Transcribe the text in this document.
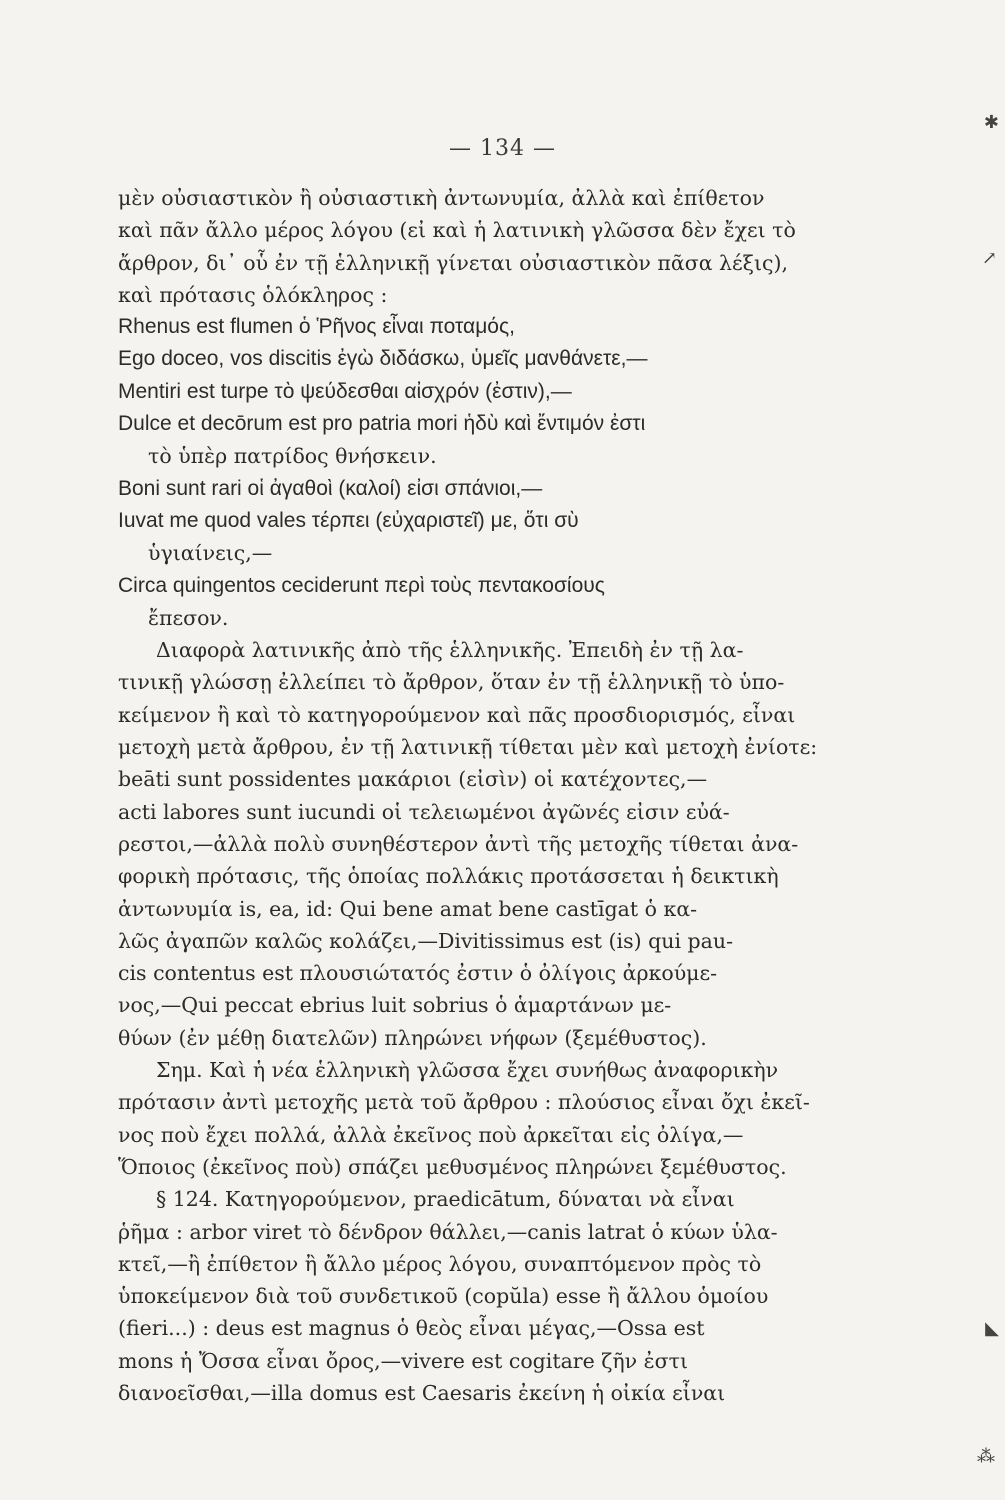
— 134 —
μὲν οὐσιαστικὸν ἢ οὐσιαστικὴ ἀντωνυμία, ἀλλὰ καὶ ἐπίθετον
καὶ πᾶν ἄλλο μέρος λόγου (εἰ καὶ ἡ λατινικὴ γλῶσσα δὲν ἔχει τὸ
ἄρθρον, δι᾽ οὗ ἐν τῇ ἑλληνικῇ γίνεται οὐσιαστικὸν πᾶσα λέξις),
καὶ πρότασις ὁλόκληρος :
Rhenus est flumen ὁ Ῥῆνος εἶναι ποταμός,
Ego doceo, vos discitis ἐγὼ διδάσκω, ὑμεῖς μανθάνετε,—
Mentiri est turpe τὸ ψεύδεσθαι αἰσχρόν (ἐστιν),—
Dulce et decōrum est pro patria mori ἡδὺ καὶ ἔντιμόν ἐστι
τὸ ὑπὲρ πατρίδος θνήσκειν.
Boni sunt rari οἱ ἀγαθοὶ (καλοί) εἰσι σπάνιοι,—
Iuvat me quod vales τέρπει (εὐχαριστεῖ) με, ὅτι σὺ
ὑγιαίνεις,—
Circa quingentos ceciderunt περὶ τοὺς πεντακοσίους
ἔπεσον.
Διαφορὰ λατινικῆς ἀπὸ τῆς ἑλληνικῆς. Ἐπειδὴ ἐν τῇ λα-
τινικῇ γλώσσῃ ἐλλείπει τὸ ἄρθρον, ὅταν ἐν τῇ ἑλληνικῇ τὸ ὑπο-
κείμενον ἢ καὶ τὸ κατηγορούμενον καὶ πᾶς προσδιορισμός, εἶναι
μετοχὴ μετὰ ἄρθρου, ἐν τῇ λατινικῇ τίθεται μὲν καὶ μετοχὴ ἐνίοτε:
beāti sunt possidentes μακάριοι (εἰσὶν) οἱ κατέχοντες,—
acti labores sunt iucundi οἱ τελειωμένοι ἀγῶνές εἰσιν εὐά-
ρεστοι,—ἀλλὰ πολὺ συνηθέστερον ἀντὶ τῆς μετοχῆς τίθεται ἀνα-
φορικὴ πρότασις, τῆς ὁποίας πολλάκις προτάσσεται ἡ δεικτικὴ
ἀντωνυμία is, ea, id: Qui bene amat bene castīgat ὁ κα-
λῶς ἀγαπῶν καλῶς κολάζει,—Divitissimus est (is) qui pau-
cis contentus est πλουσιώτατός ἐστιν ὁ ὀλίγοις ἀρκούμε-
νος,—Qui peccat ebrius luit sobrius ὁ ἁμαρτάνων με-
θύων (ἐν μέθῃ διατελῶν) πληρώνει νήφων (ξεμέθυστος).
Σημ. Καὶ ἡ νέα ἑλληνικὴ γλῶσσα ἔχει συνήθως ἀναφορικὴν
πρότασιν ἀντὶ μετοχῆς μετὰ τοῦ ἄρθρου : πλούσιος εἶναι ὄχι ἐκεῖ-
νος ποὺ ἔχει πολλά, ἀλλὰ ἐκεῖνος ποὺ ἀρκεῖται εἰς ὀλίγα,—
Ὅποιος (ἐκεῖνος ποὺ) σπάζει μεθυσμένος πληρώνει ξεμέθυστος.
§ 124. Κατηγορούμενον, praedicātum, δύναται νὰ εἶναι
ῥῆμα : arbor viret τὸ δένδρον θάλλει,—canis latrat ὁ κύων ὑλα-
κτεῖ,—ἢ ἐπίθετον ἢ ἄλλο μέρος λόγου, συναπτόμενον πρὸς τὸ
ὑποκείμενον διὰ τοῦ συνδετικοῦ (copŭla) esse ἢ ἄλλου ὁμοίου
(fieri...) : deus est magnus ὁ θεὸς εἶναι μέγας,—Ossa est
mons ἡ Ὄσσα εἶναι ὄρος,—vivere est cogitare ζῆν ἐστι
διανοεῖσθαι,—illa domus est Caesaris ἐκείνη ἡ οἰκία εἶναι
✱
↗
◣
⁂
